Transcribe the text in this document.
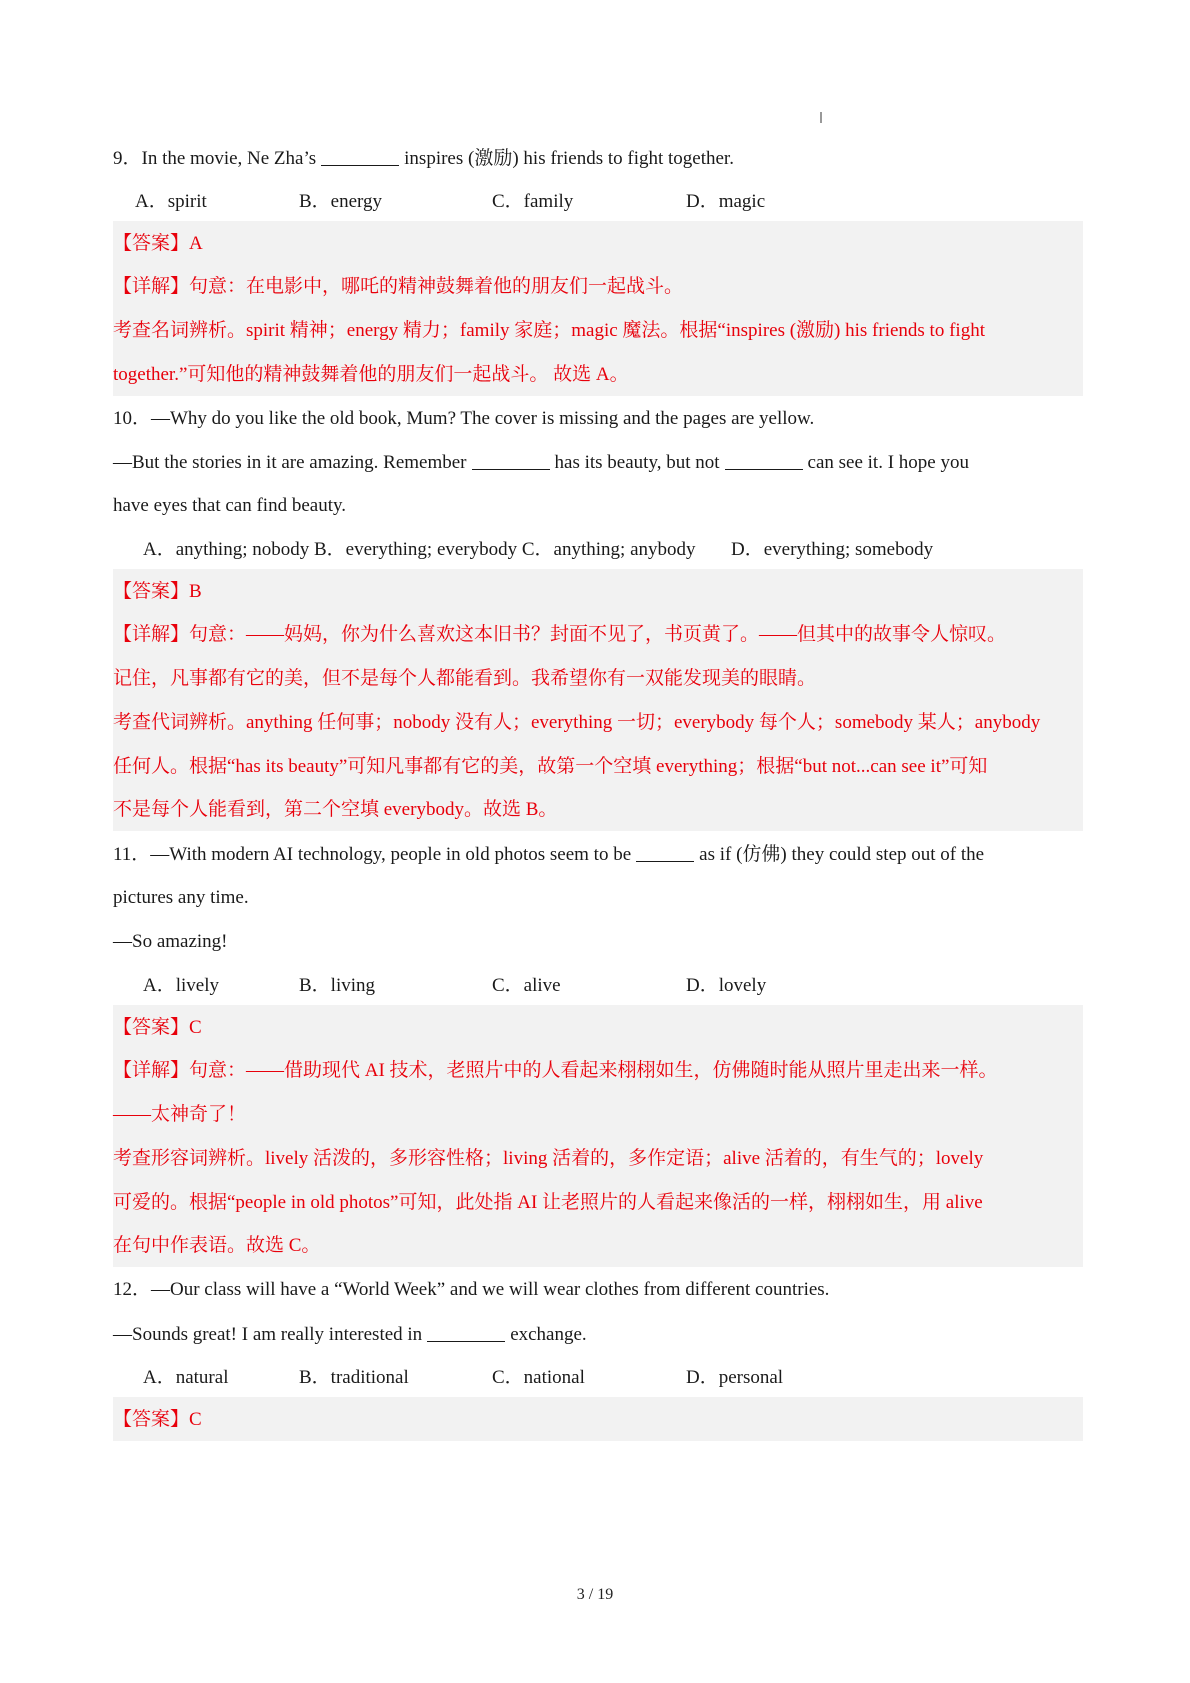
9．In the movie, Ne Zha’s	inspires (激励) his friends to fight together.
A．spirit	B．energy	C．family	D．magic
【答案】A
【详解】句意：在电影中，哪吒的精神鼓舞着他的朋友们一起战斗。
考查名词辨析。spirit 精神；energy 精力；family 家庭；magic 魔法。根据“inspires (激励) his friends to fight
together.”可知他的精神鼓舞着他的朋友们一起战斗。 故选 A。
10．—Why do you like the old book, Mum? The cover is missing and the pages are yellow.
—But the stories in it are amazing. Remember	has its beauty, but not	can see it. I hope you
have eyes that can find beauty.
A．anything; nobody B．everything; everybody C．anything; anybody D．everything; somebody
【答案】B
【详解】句意：——妈妈，你为什么喜欢这本旧书？封面不见了，书页黄了。——但其中的故事令人惊叹。
记住，凡事都有它的美，但不是每个人都能看到。我希望你有一双能发现美的眼睛。
考查代词辨析。anything 任何事；nobody 没有人；everything 一切；everybody 每个人；somebody 某人；anybody
任何人。根据“has its beauty”可知凡事都有它的美，故第一个空填 everything；根据“but not...can see it”可知
不是每个人能看到，第二个空填 everybody。故选 B。
11．—With modern AI technology, people in old photos seem to be	as if (仿佛) they could step out of the
pictures any time.
—So amazing!
A．lively	B．living	C．alive	D．lovely
【答案】C
【详解】句意：——借助现代 AI 技术，老照片中的人看起来栩栩如生，仿佛随时能从照片里走出来一样。
——太神奇了！
考查形容词辨析。lively 活泼的，多形容性格；living 活着的，多作定语；alive 活着的，有生气的；lovely
可爱的。根据“people in old photos”可知，此处指 AI 让老照片的人看起来像活的一样，栩栩如生，用 alive
在句中作表语。故选 C。
12．—Our class will have a “World Week” and we will wear clothes from different countries.
—Sounds great! I am really interested in	exchange.
A．natural	B．traditional	C．national	D．personal
【答案】C
3 / 19
